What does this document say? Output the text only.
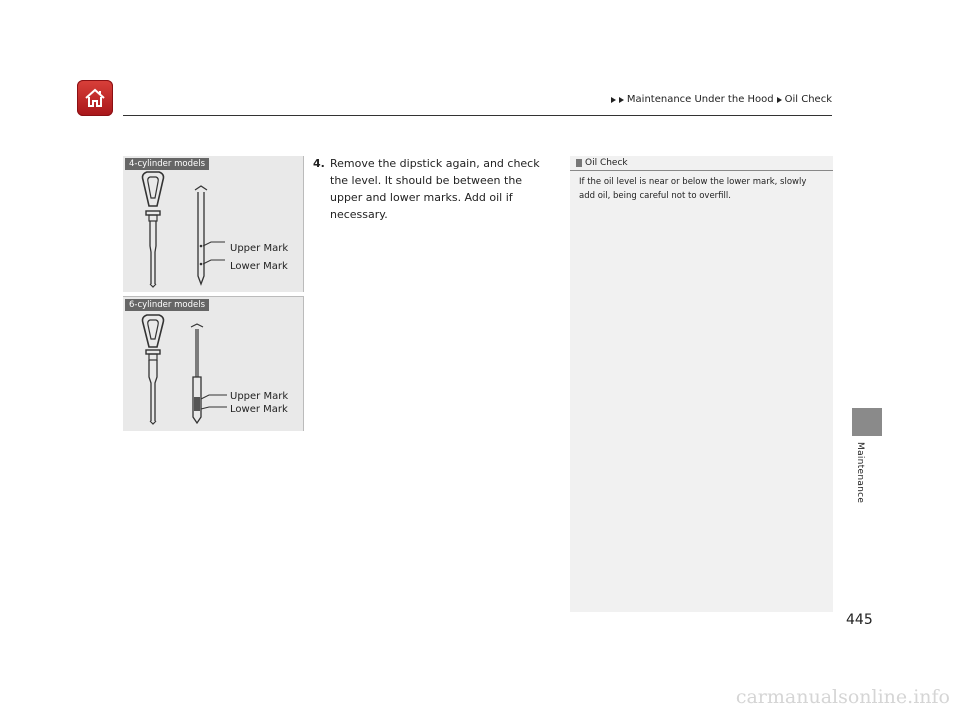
Maintenance Under the Hood Oil Check
4-cylinder models
Upper Mark
Lower Mark
6-cylinder models
Upper Mark
Lower Mark
4. Remove the dipstick again, and check the level. It should be between the upper and lower marks. Add oil if necessary.
Oil Check
If the oil level is near or below the lower mark, slowly add oil, being careful not to overfill.
Maintenance
445
carmanualsonline.info
